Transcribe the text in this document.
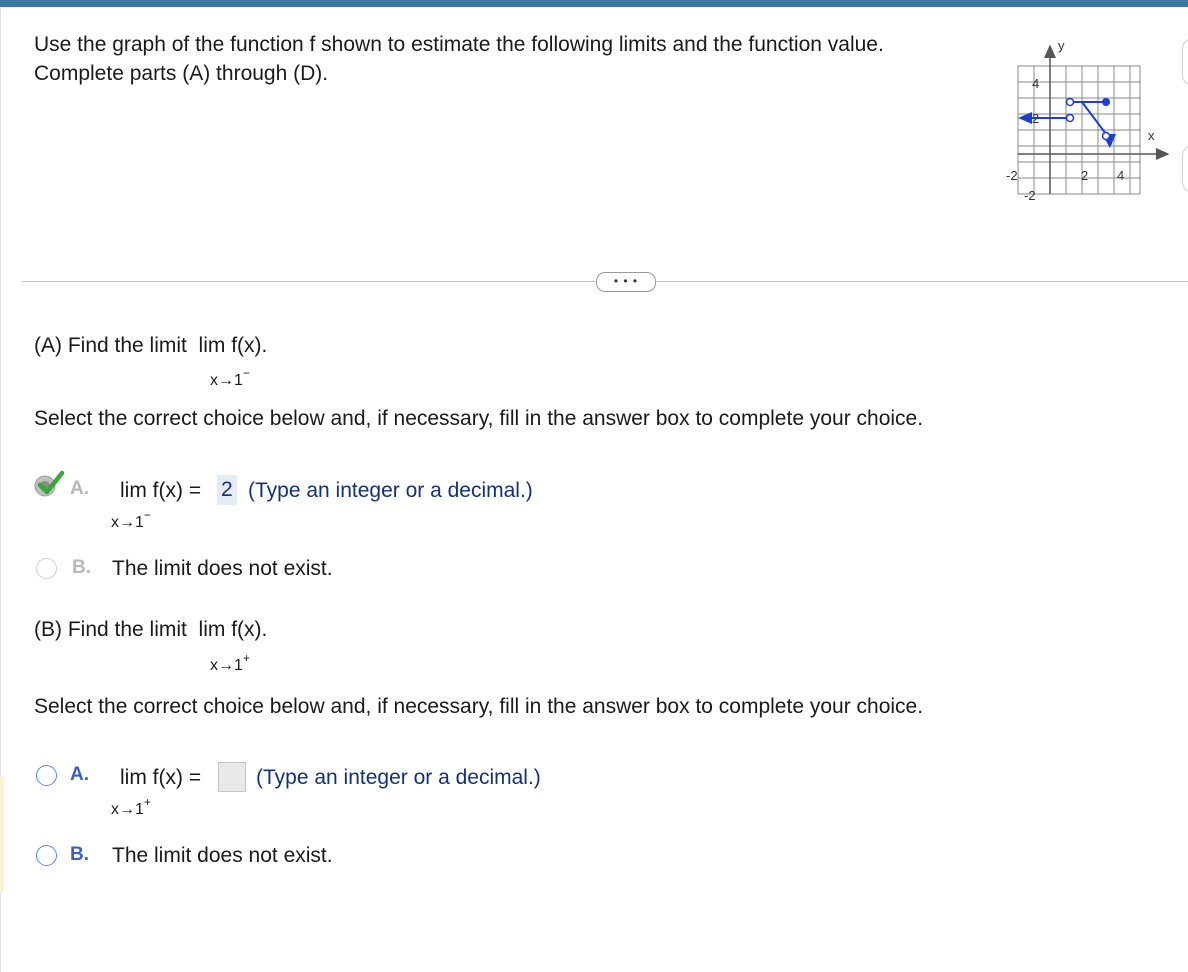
Use the graph of the function f shown to estimate the following limits and the function value. Complete parts (A) through (D).
y
x
-2	2 4
4
2
-2
• • •
(A) Find the limit lim f(x).
x→1−
Select the correct choice below and, if necessary, fill in the answer box to complete your choice.
A. lim f(x) = 2 (Type an integer or a decimal.)
x→1−
B. The limit does not exist.
(B) Find the limit lim f(x).
x→1+
Select the correct choice below and, if necessary, fill in the answer box to complete your choice.
A. lim f(x) =	(Type an integer or a decimal.)
x→1+
B. The limit does not exist.
